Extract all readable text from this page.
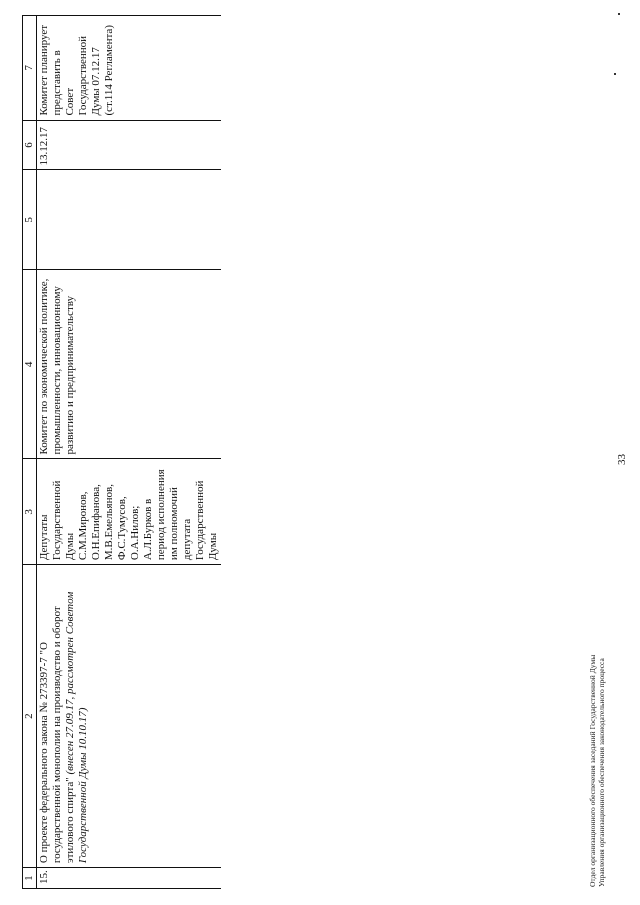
33
1	2	3	4	5	6	7
15.	О проекте федерального закона № 273397-7 "О государственной монополии на производство и оборот этилового спирта" (внесен 27.09.17, рассмотрен Советом Государственной Думы 10.10.17)	Депутаты Государственной Думы С.М.Миронов, О.Н.Епифанова, М.В.Емельянов, Ф.С.Тумусов, О.А.Нилов; А.Л.Бурков в период исполнения им полномочий депутата Государственной Думы	Комитет по экономической политике, промышленности, инновационному развитию и предпринимательству		13.12.17	Комитет планирует представить в Совет Государственной Думы 07.12.17 (ст.114 Регламента)
Отдел организационного обеспечения заседаний Государственной Думы Управления организационного обеспечения законодательного процесса
